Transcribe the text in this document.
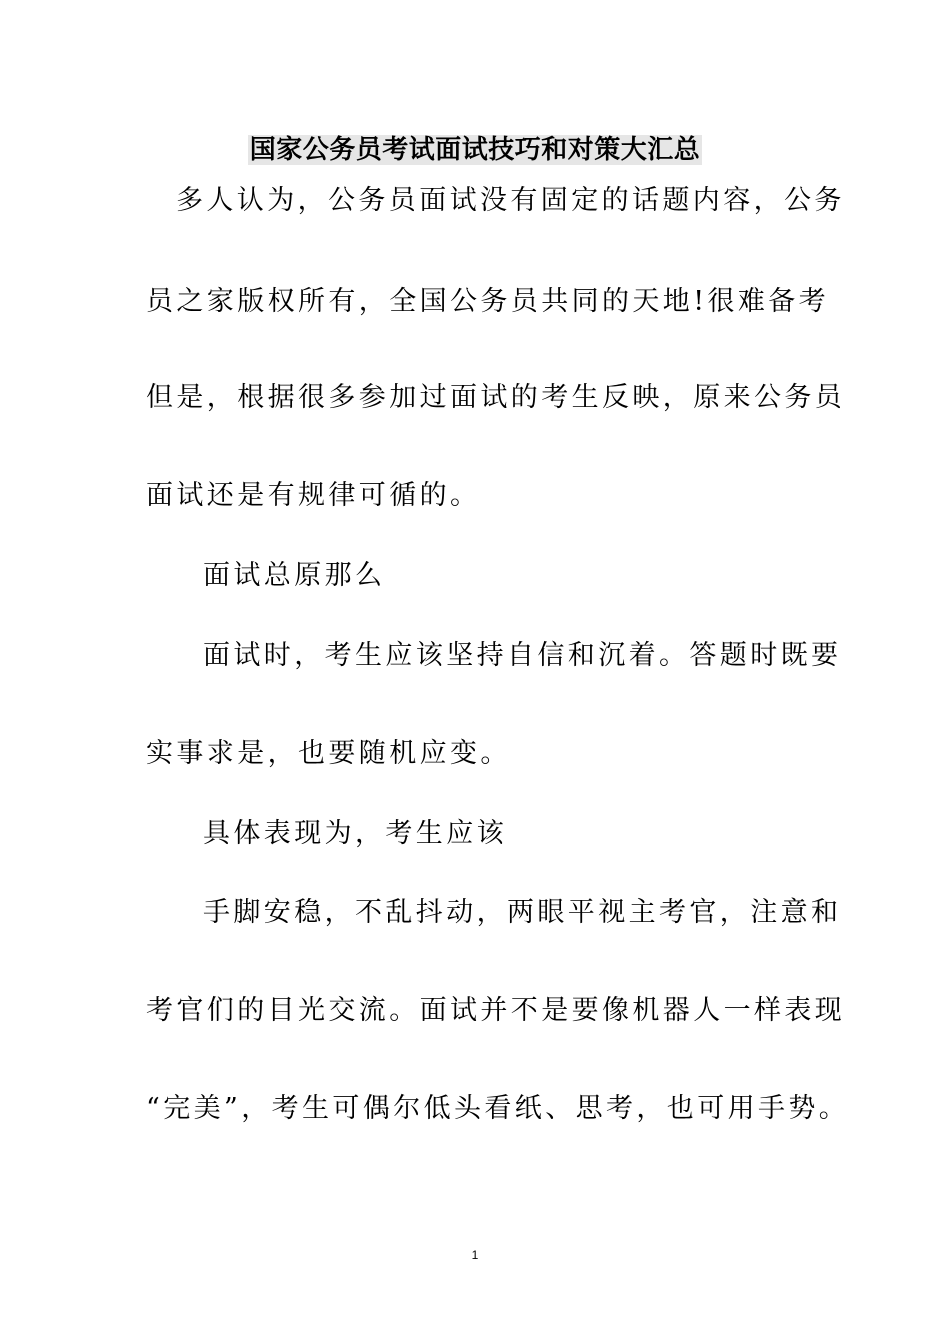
国家公务员考试面试技巧和对策大汇总
多人认为，公务员面试没有固定的话题内容，公务
员之家版权所有，全国公务员共同的天地!很难备考
但是，根据很多参加过面试的考生反映，原来公务员
面试还是有规律可循的。
面试总原那么
面试时，考生应该坚持自信和沉着。答题时既要
实事求是，也要随机应变。
具体表现为，考生应该
手脚安稳，不乱抖动，两眼平视主考官，注意和
考官们的目光交流。面试并不是要像机器人一样表现
“完美”，考生可偶尔低头看纸、思考，也可用手势。
1
